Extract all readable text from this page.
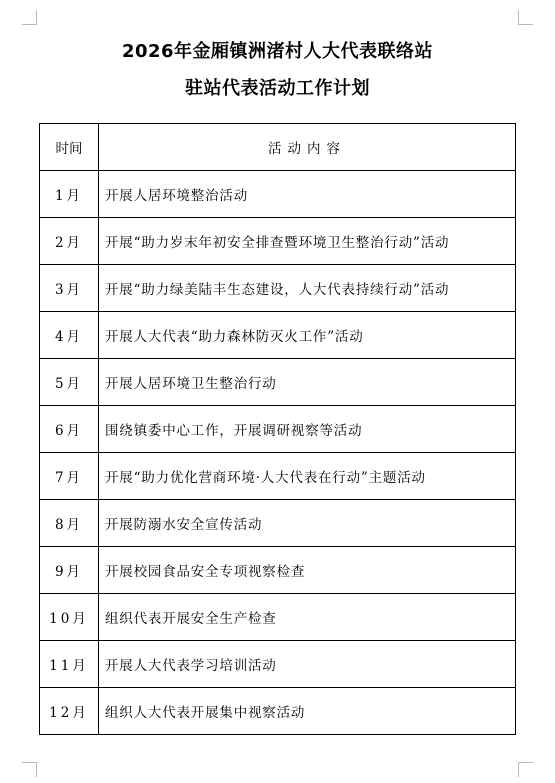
2026年金厢镇洲渚村人大代表联络站
驻站代表活动工作计划
时间	活动内容
1月	开展人居环境整治活动
2月	开展“助力岁末年初安全排查暨环境卫生整治行动”活动
3月	开展“助力绿美陆丰生态建设，人大代表持续行动”活动
4月	开展人大代表“助力森林防灭火工作”活动
5月	开展人居环境卫生整治行动
6月	围绕镇委中心工作，开展调研视察等活动
7月	开展“助力优化营商环境·人大代表在行动”主题活动
8月	开展防溺水安全宣传活动
9月	开展校园食品安全专项视察检查
10月	组织代表开展安全生产检查
11月	开展人大代表学习培训活动
12月	组织人大代表开展集中视察活动
